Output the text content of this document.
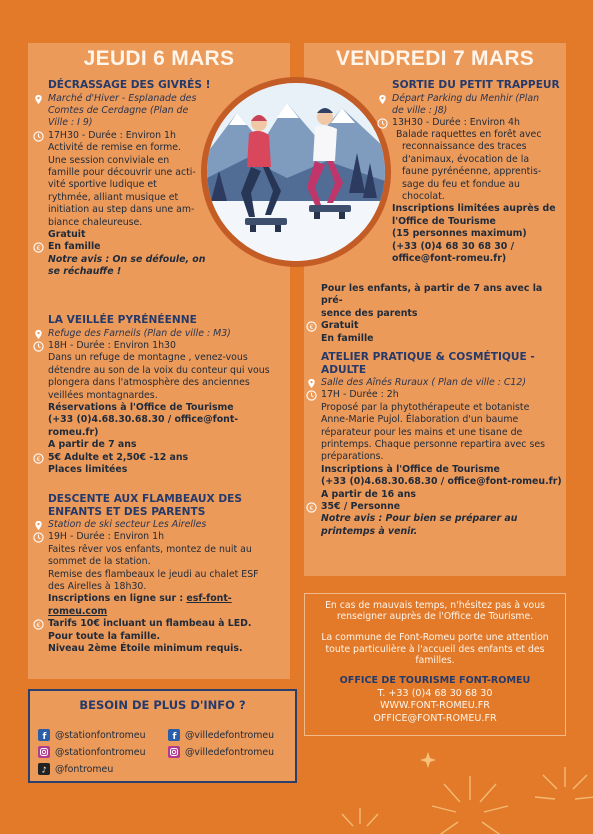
JEUDI 6 MARS	VENDREDI 7 MARS
DÉCRASSAGE DES GIVRÉS !
Marché d'Hiver - Esplanade des
Comtes de Cerdagne (Plan de
Ville : I 9)
17H30 - Durée : Environ 1h
Activité de remise en forme.
Une session conviviale en
famille pour découvrir une acti-
vité sportive ludique et
rythmée, alliant musique et
initiation au step dans une am-
biance chaleureuse.
Gratuit
€ En famille
Notre avis : On se défoule, on
se réchauffe !
LA VEILLÉE PYRÉNÉENNE
Refuge des Farneils (Plan de ville : M3)
18H - Durée : Environ 1h30
Dans un refuge de montagne , venez-vous
détendre au son de la voix du conteur qui vous
plongera dans l'atmosphère des anciennes
veillées montagnardes.
Réservations à l'Office de Tourisme
(+33 (0)4.68.30.68.30 / office@font-romeu.fr)
A partir de 7 ans
€ 5€ Adulte et 2,50€ -12 ans
Places limitées
DESCENTE AUX FLAMBEAUX DES
ENFANTS ET DES PARENTS
Station de ski secteur Les Airelles
19H - Durée : Environ 1h
Faites rêver vos enfants, montez de nuit au
sommet de la station.
Remise des flambeaux le jeudi au chalet ESF
des Airelles à 18h30.
Inscriptions en ligne sur : esf-font-romeu.com
€ Tarifs 10€ incluant un flambeau à LED.
Pour toute la famille.
Niveau 2ème Étoile minimum requis.
SORTIE DU PETIT TRAPPEUR
Départ Parking du Menhir (Plan
de ville : J8)
13H30 - Durée : Environ 4h
Balade raquettes en forêt avec
reconnaissance des traces
d'animaux, évocation de la
faune pyrénéenne, apprentis-
sage du feu et fondue au
chocolat.
Inscriptions limitées auprès de
l'Office de Tourisme
(15 personnes maximum)
(+33 (0)4 68 30 68 30 /
office@font-romeu.fr)
Pour les enfants, à partir de 7 ans avec la pré-
sence des parents
€ Gratuit
En famille
ATELIER PRATIQUE & COSMÉTIQUE -
ADULTE
Salle des Aînés Ruraux ( Plan de ville : C12)
17H - Durée : 2h
Proposé par la phytothérapeute et botaniste
Anne-Marie Pujol. Élaboration d'un baume
réparateur pour les mains et une tisane de
printemps. Chaque personne repartira avec ses
préparations.
Inscriptions à l'Office de Tourisme
(+33 (0)4.68.30.68.30 / office@font-romeu.fr)
A partir de 16 ans
€ 35€ / Personne
Notre avis : Pour bien se préparer au
printemps à venir.
BESOIN DE PLUS D'INFO ?
f @stationfontromeu	f @villedefontromeu
@stationfontromeu	@villedefontromeu
♪ @fontromeu
En cas de mauvais temps, n'hésitez pas à vous
renseigner auprès de l'Office de Tourisme.
La commune de Font-Romeu porte une attention
toute particulière à l'accueil des enfants et des
familles.
OFFICE DE TOURISME FONT-ROMEU
T. +33 (0)4 68 30 68 30
WWW.FONT-ROMEU.FR
OFFICE@FONT-ROMEU.FR
